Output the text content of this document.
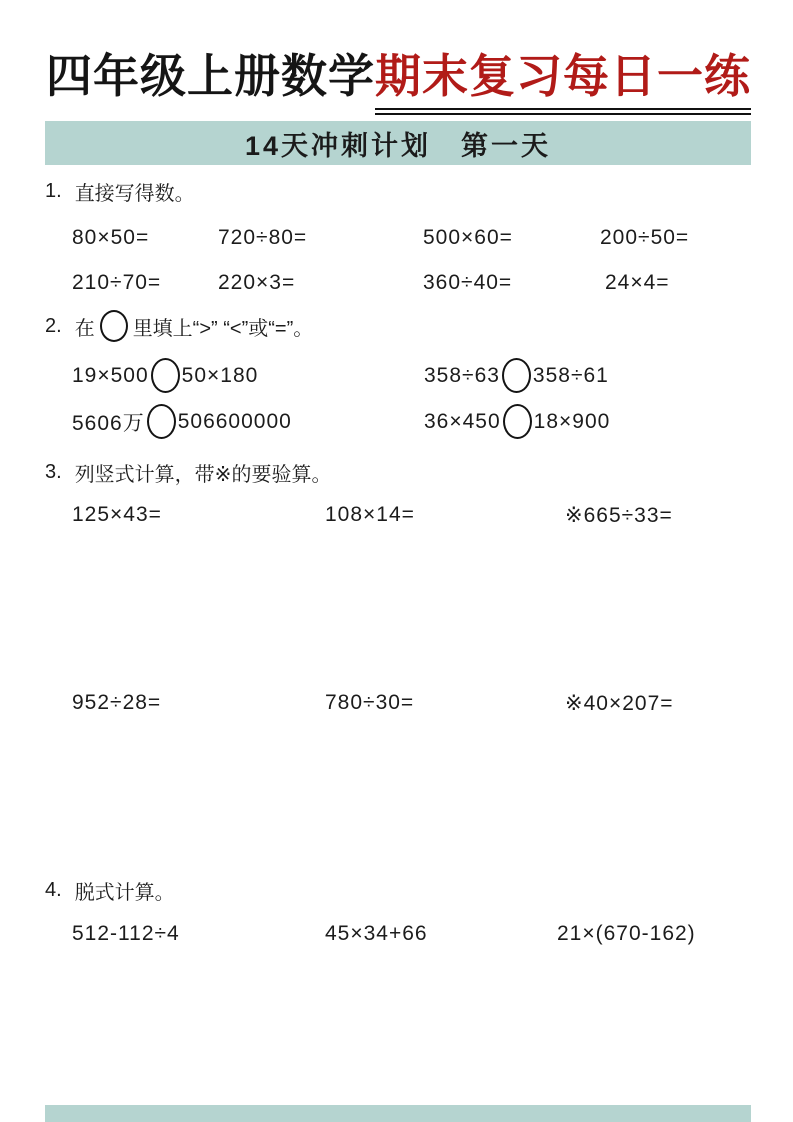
四年级上册数学 期末复习每日一练
14天冲刺计划　第一天
1. 直接写得数。
80×50=	720÷80=	500×60=	200÷50=
210÷70=	220×3=	360÷40=	24×4=
2. 在 里填上“>” “<”或“=”。
19×500 50×180	358÷63 358÷61
5606万 506600000	36×450 18×900
3. 列竖式计算，带※的要验算。
125×43=	108×14=	※665÷33=
952÷28=	780÷30=	※40×207=
4. 脱式计算。
512-112÷4	45×34+66	21×(670-162)
